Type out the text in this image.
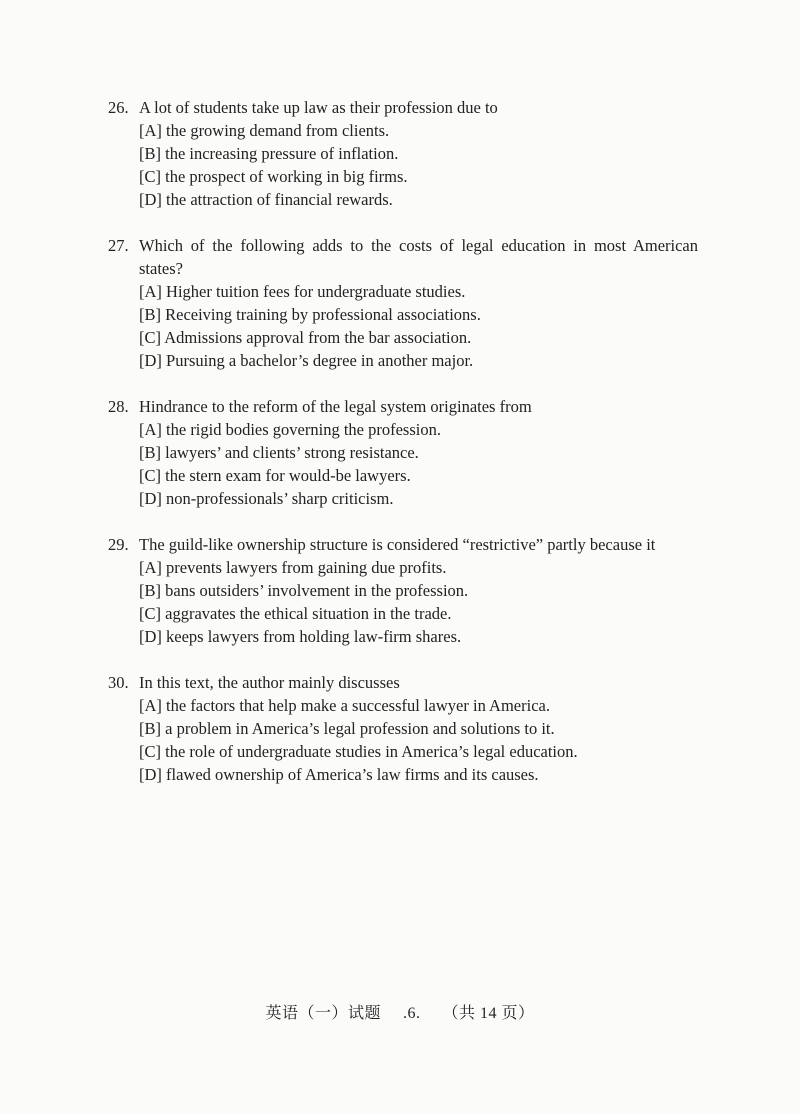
26. A lot of students take up law as their profession due to
[A] the growing demand from clients.
[B] the increasing pressure of inflation.
[C] the prospect of working in big firms.
[D] the attraction of financial rewards.
27. Which of the following adds to the costs of legal education in most American states?
[A] Higher tuition fees for undergraduate studies.
[B] Receiving training by professional associations.
[C] Admissions approval from the bar association.
[D] Pursuing a bachelor’s degree in another major.
28. Hindrance to the reform of the legal system originates from
[A] the rigid bodies governing the profession.
[B] lawyers’ and clients’ strong resistance.
[C] the stern exam for would-be lawyers.
[D] non-professionals’ sharp criticism.
29. The guild-like ownership structure is considered “restrictive” partly because it
[A] prevents lawyers from gaining due profits.
[B] bans outsiders’ involvement in the profession.
[C] aggravates the ethical situation in the trade.
[D] keeps lawyers from holding law-firm shares.
30. In this text, the author mainly discusses
[A] the factors that help make a successful lawyer in America.
[B] a problem in America’s legal profession and solutions to it.
[C] the role of undergraduate studies in America’s legal education.
[D] flawed ownership of America’s law firms and its causes.
英语（一）试题 .6. （共 14 页）
